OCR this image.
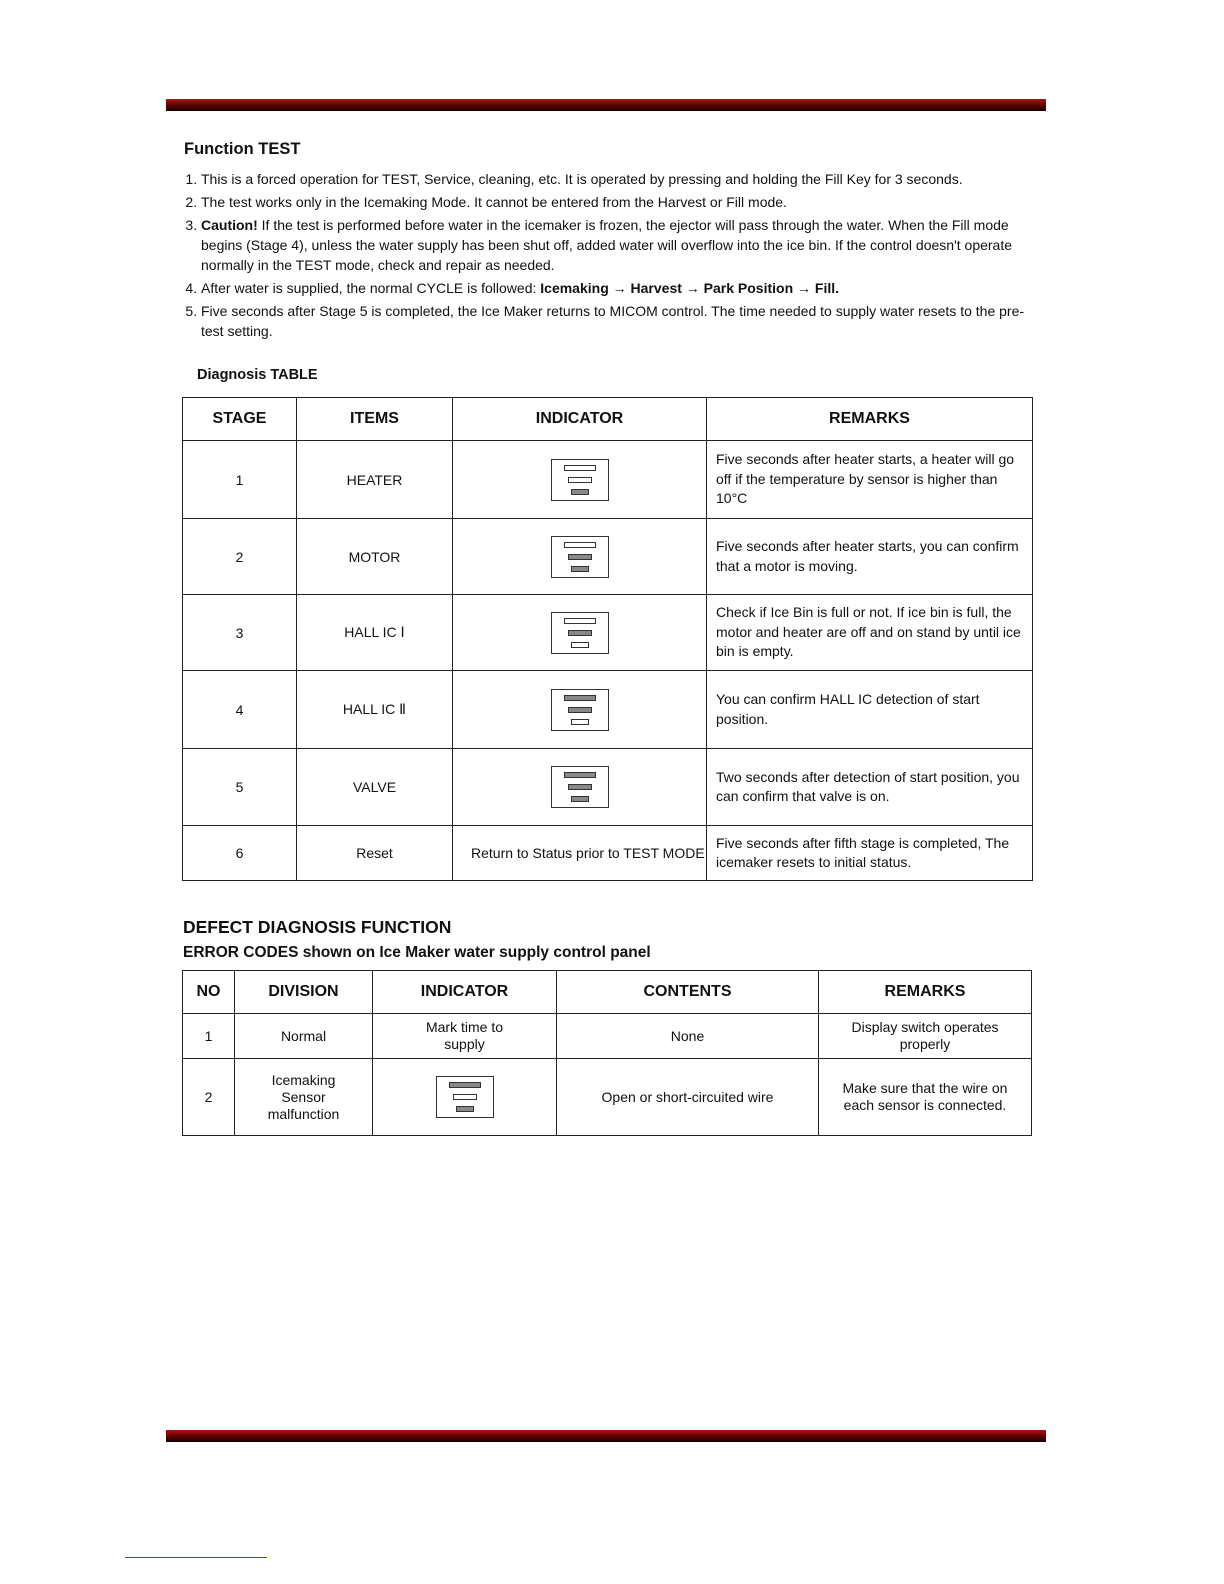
Function TEST
1. This is a forced operation for TEST, Service, cleaning, etc. It is operated by pressing and holding the Fill Key for 3 seconds.
2. The test works only in the Icemaking Mode. It cannot be entered from the Harvest or Fill mode.
3. Caution! If the test is performed before water in the icemaker is frozen, the ejector will pass through the water. When the Fill mode begins (Stage 4), unless the water supply has been shut off, added water will overflow into the ice bin. If the control doesn't operate normally in the TEST mode, check and repair as needed.
4. After water is supplied, the normal CYCLE is followed: Icemaking → Harvest → Park Position → Fill.
5. Five seconds after Stage 5 is completed, the Ice Maker returns to MICOM control. The time needed to supply water resets to the pre- test setting.
Diagnosis TABLE
STAGE	ITEMS	INDICATOR	REMARKS
1	HEATER		Five seconds after heater starts, a heater will go off if the temperature by sensor is higher than 10°C
2	MOTOR		Five seconds after heater starts, you can confirm that a motor is moving.
3	HALL IC Ⅰ		Check if Ice Bin is full or not. If ice bin is full, the motor and heater are off and on stand by until ice bin is empty.
4	HALL IC Ⅱ		You can confirm HALL IC detection of start position.
5	VALVE		Two seconds after detection of start position, you can confirm that valve is on.
6	Reset	Return to Status prior to TEST MODE	Five seconds after fifth stage is completed, The icemaker resets to initial status.
DEFECT DIAGNOSIS FUNCTION
ERROR CODES shown on Ice Maker water supply control panel
NO	DIVISION	INDICATOR	CONTENTS	REMARKS
1	Normal	Mark time to supply	None	Display switch operates properly
2	Icemaking Sensor malfunction		Open or short-circuited wire	Make sure that the wire on each sensor is connected.
